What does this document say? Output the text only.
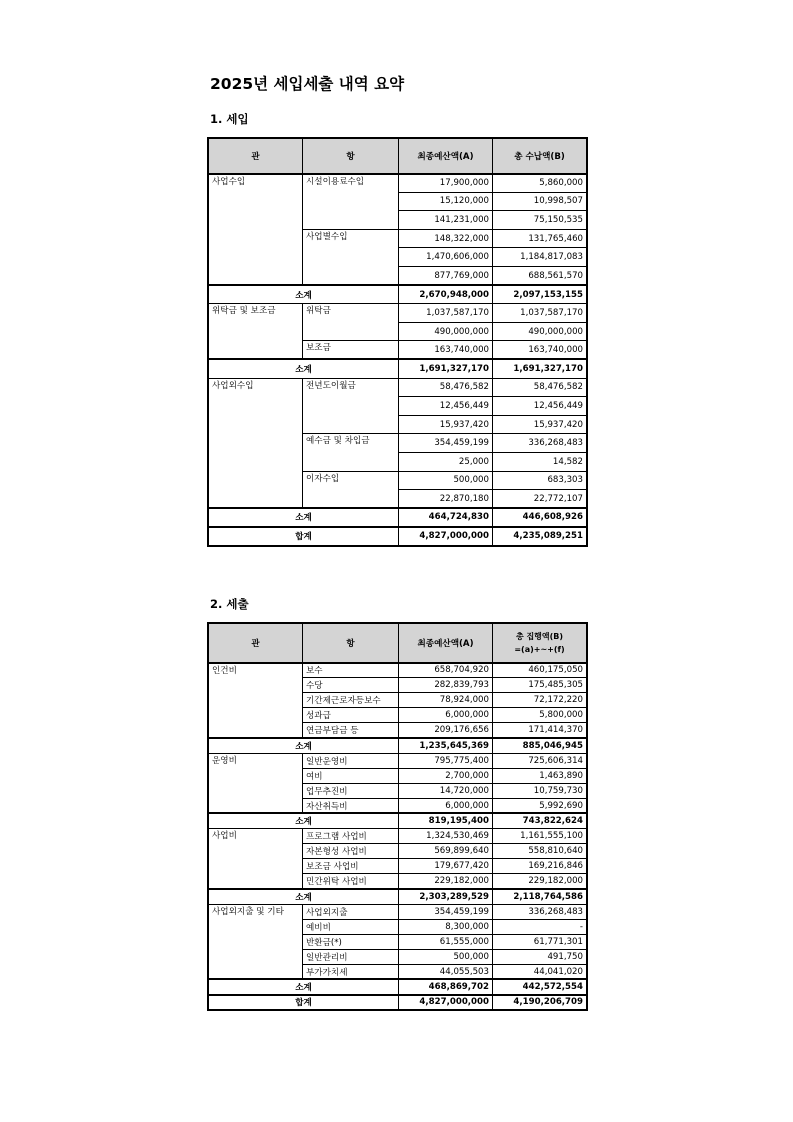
2025년 세입세출 내역 요약
1. 세입
관	항	최종예산액(A)	총 수납액(B)
사업수입	시설이용료수입	17,900,000	5,860,000
		15,120,000	10,998,507
		141,231,000	75,150,535
	사업별수입	148,322,000	131,765,460
		1,470,606,000	1,184,817,083
		877,769,000	688,561,570
소계		2,670,948,000	2,097,153,155
위탁금 및 보조금	위탁금	1,037,587,170	1,037,587,170
		490,000,000	490,000,000
	보조금	163,740,000	163,740,000
소계		1,691,327,170	1,691,327,170
사업외수입	전년도이월금	58,476,582	58,476,582
		12,456,449	12,456,449
		15,937,420	15,937,420
	예수금 및 차입금	354,459,199	336,268,483
		25,000	14,582
	이자수입	500,000	683,303
		22,870,180	22,772,107
소계		464,724,830	446,608,926
합계		4,827,000,000	4,235,089,251
2. 세출
관	항	최종예산액(A)	총 집행액(B)
=(a)+~+(f)

인건비	보수	658,704,920	460,175,050
	수당	282,839,793	175,485,305
	기간제근로자등보수	78,924,000	72,172,220
	성과급	6,000,000	5,800,000
	연금부담금 등	209,176,656	171,414,370
소계		1,235,645,369	885,046,945
운영비	일반운영비	795,775,400	725,606,314
	여비	2,700,000	1,463,890
	업무추진비	14,720,000	10,759,730
	자산취득비	6,000,000	5,992,690
소계		819,195,400	743,822,624
사업비	프로그램 사업비	1,324,530,469	1,161,555,100
	자본형성 사업비	569,899,640	558,810,640
	보조금 사업비	179,677,420	169,216,846
	민간위탁 사업비	229,182,000	229,182,000
소계		2,303,289,529	2,118,764,586
사업외지출 및 기타	사업외지출	354,459,199	336,268,483
	예비비	8,300,000	-
	반환금(*)	61,555,000	61,771,301
	일반관리비	500,000	491,750
	부가가치세	44,055,503	44,041,020
소계		468,869,702	442,572,554
합계		4,827,000,000	4,190,206,709
